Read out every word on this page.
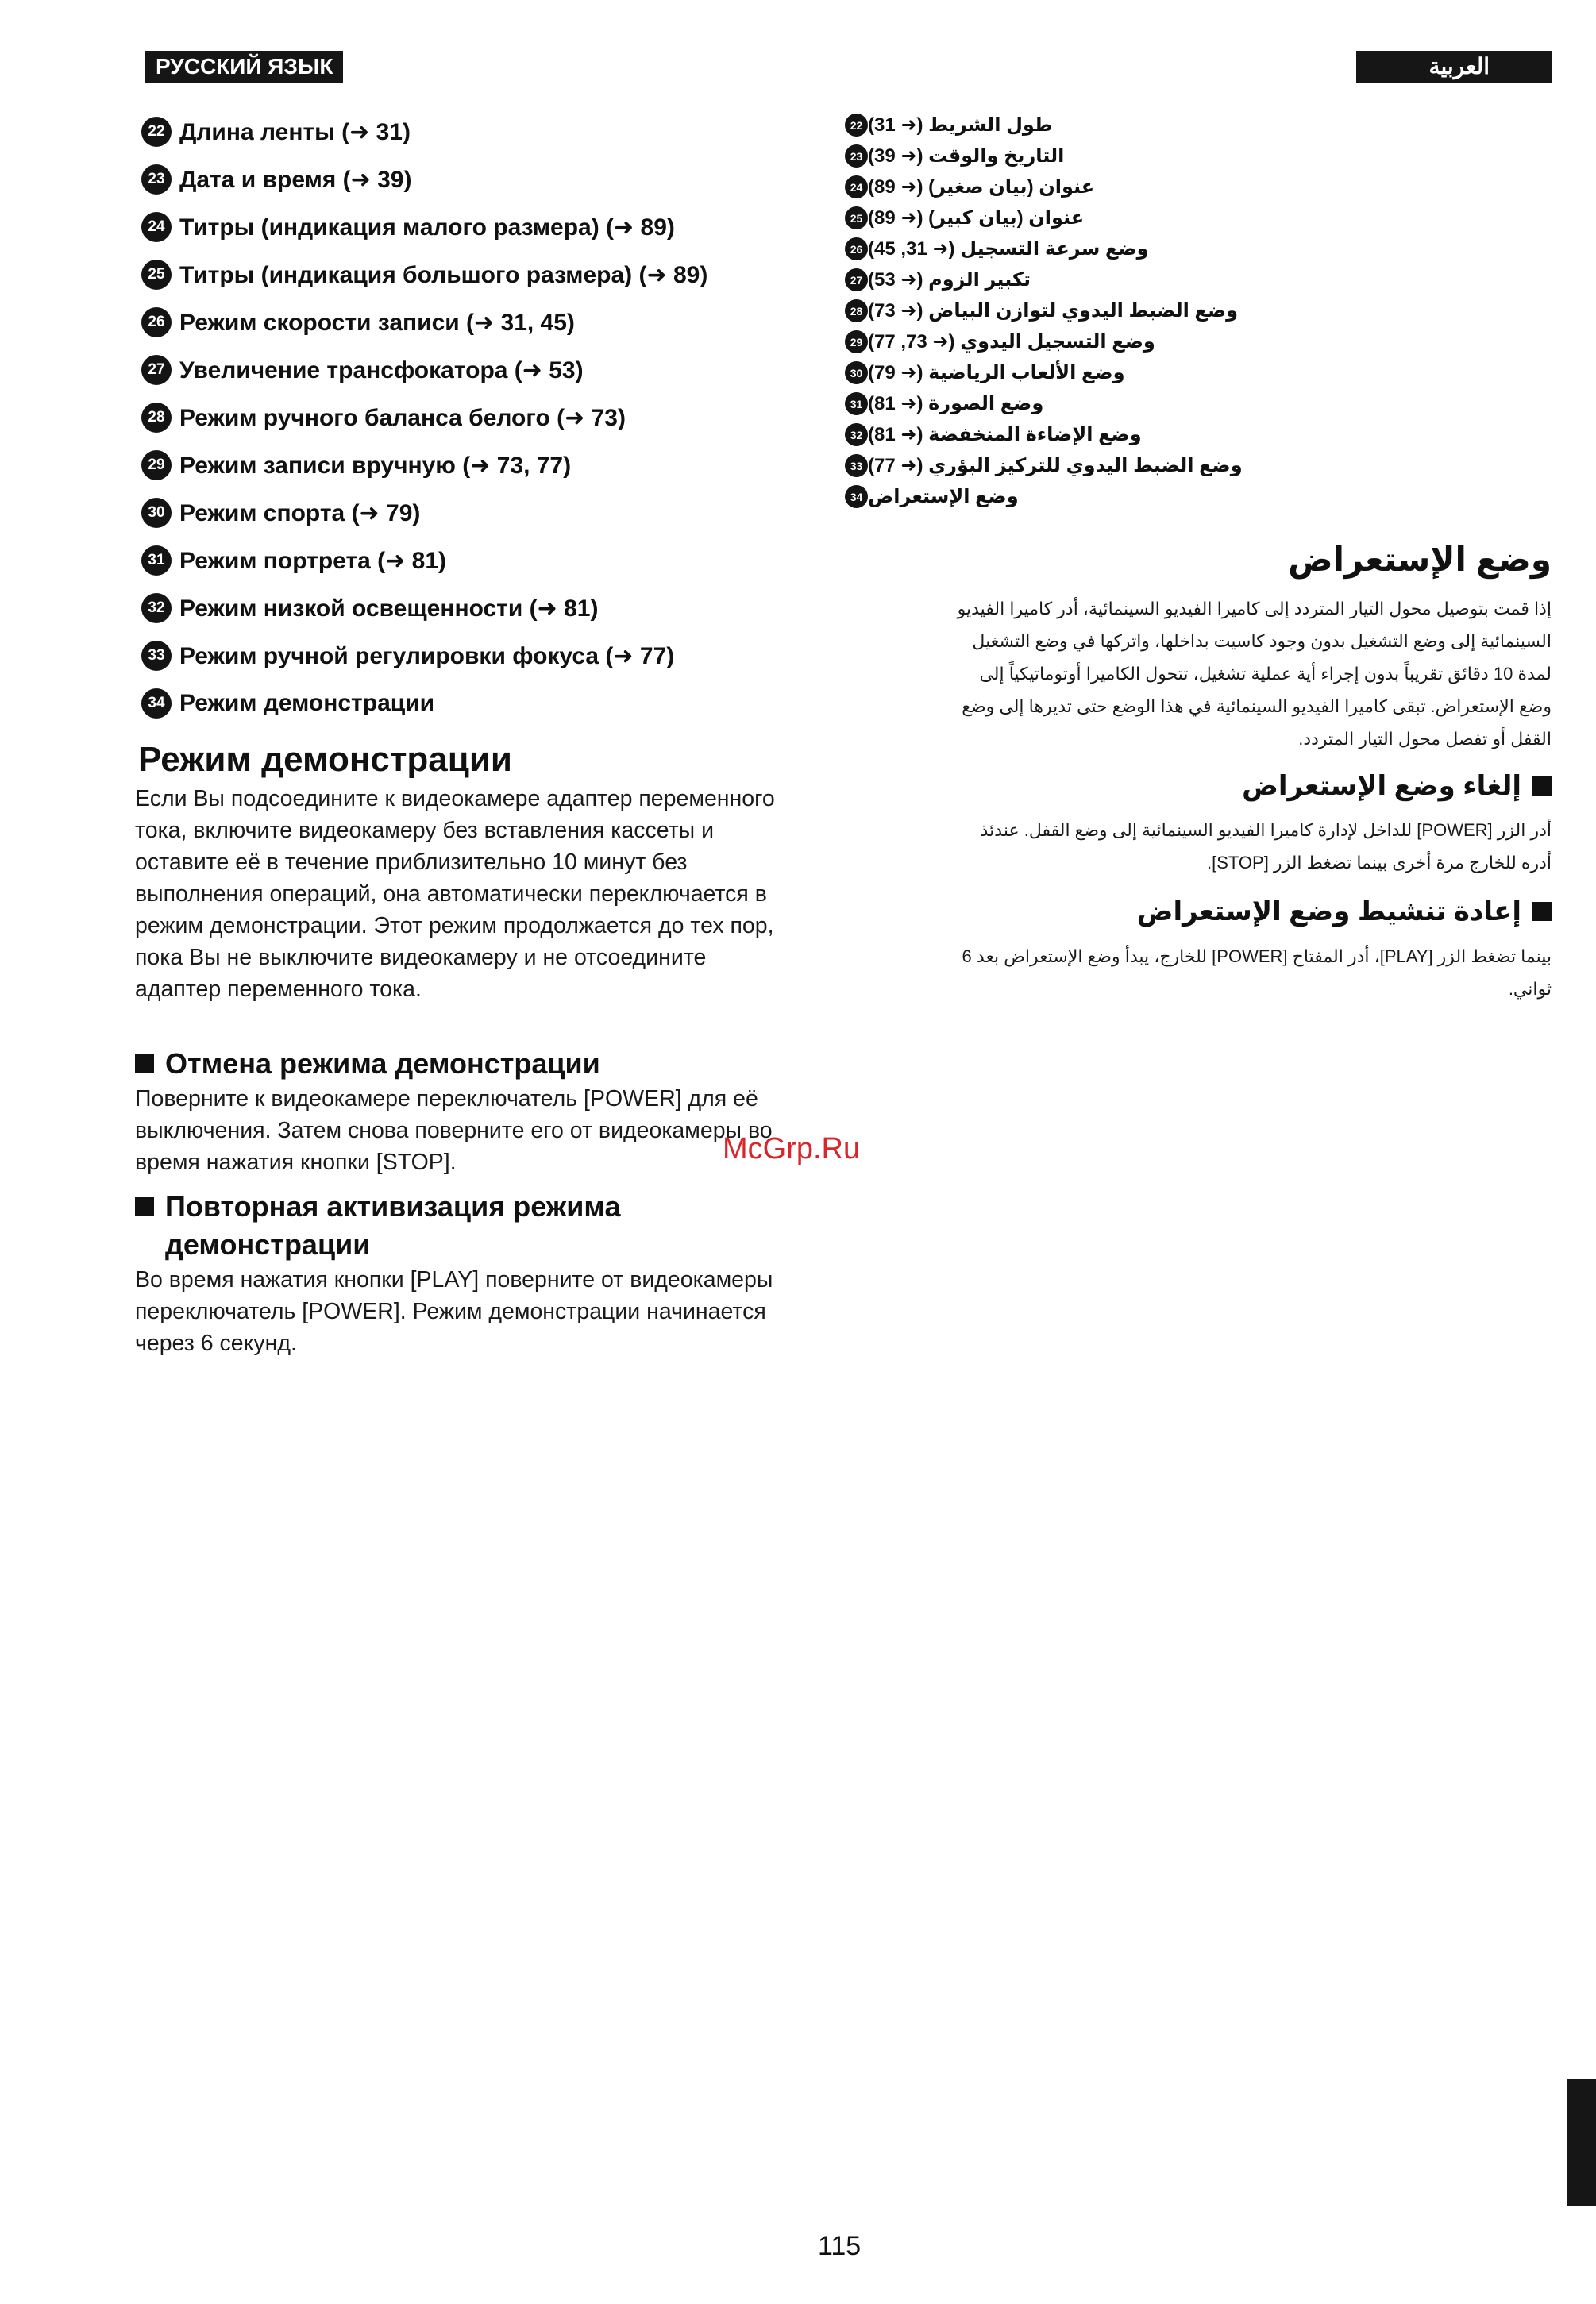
РУССКИЙ ЯЗЫК	العربية
22 Длина ленты (➜ 31)
23 Дата и время (➜ 39)
24 Титры (индикация малого размера) (➜ 89)
25 Титры (индикация большого размера) (➜ 89)
26 Режим скорости записи (➜ 31, 45)
27 Увеличение трансфокатора (➜ 53)
28 Режим ручного баланса белого (➜ 73)
29 Режим записи вручную (➜ 73, 77)
30 Режим спорта (➜ 79)
31 Режим портрета (➜ 81)
32 Режим низкой освещенности (➜ 81)
33 Режим ручной регулировки фокуса (➜ 77)
34 Режим демонстрации
Режим демонстрации

Если Вы подсоедините к видеокамере адаптер переменного тока, включите видеокамеру без вставления кассеты и оставите её в течение приблизительно 10 минут без выполнения операций, она автоматически переключается в режим демонстрации. Этот режим продолжается до тех пор, пока Вы не выключите видеокамеру и не отсоедините адаптер переменного тока.

Отмена режима демонстрации

Поверните к видеокамере переключатель [POWER] для её выключения. Затем снова поверните его от видеокамеры во время нажатия кнопки [STOP].

Повторная активизация режима демонстрации

Во время нажатия кнопки [PLAY] поверните от видеокамеры переключатель [POWER]. Режим демонстрации начинается через 6 секунд.

McGrp.Ru
22 طول الشريط (➜ 31)
23 التاريخ والوقت (➜ 39)
24 عنوان (بيان صغير) (➜ 89)
25 عنوان (بيان كبير) (➜ 89)
26 وضع سرعة التسجيل (➜ 31, 45)
27 تكبير الزوم (➜ 53)
28 وضع الضبط اليدوي لتوازن البياض (➜ 73)
29 وضع التسجيل اليدوي (➜ 73, 77)
30 وضع الألعاب الرياضية (➜ 79)
31 وضع الصورة (➜ 81)
32 وضع الإضاءة المنخفضة (➜ 81)
33 وضع الضبط اليدوي للتركيز البؤري (➜ 77)
34 وضع الإستعراض
وضع الإستعراض

إذا قمت بتوصيل محول التيار المتردد إلى كاميرا الفيديو السينمائية، أدر كاميرا الفيديو السينمائية إلى وضع التشغيل بدون وجود كاسيت بداخلها، واتركها في وضع التشغيل لمدة 10 دقائق تقريباً بدون إجراء أية عملية تشغيل، تتحول الكاميرا أوتوماتيكياً إلى وضع الإستعراض. تبقى كاميرا الفيديو السينمائية في هذا الوضع حتى تديرها إلى وضع القفل أو تفصل محول التيار المتردد.

إلغاء وضع الإستعراض

أدر الزر [POWER] للداخل لإدارة كاميرا الفيديو السينمائية إلى وضع القفل. عندئذ أدره للخارج مرة أخرى بينما تضغط الزر [STOP].

إعادة تنشيط وضع الإستعراض

بينما تضغط الزر [PLAY]، أدر المفتاح [POWER] للخارج، يبدأ وضع الإستعراض بعد 6 ثواني.

115
